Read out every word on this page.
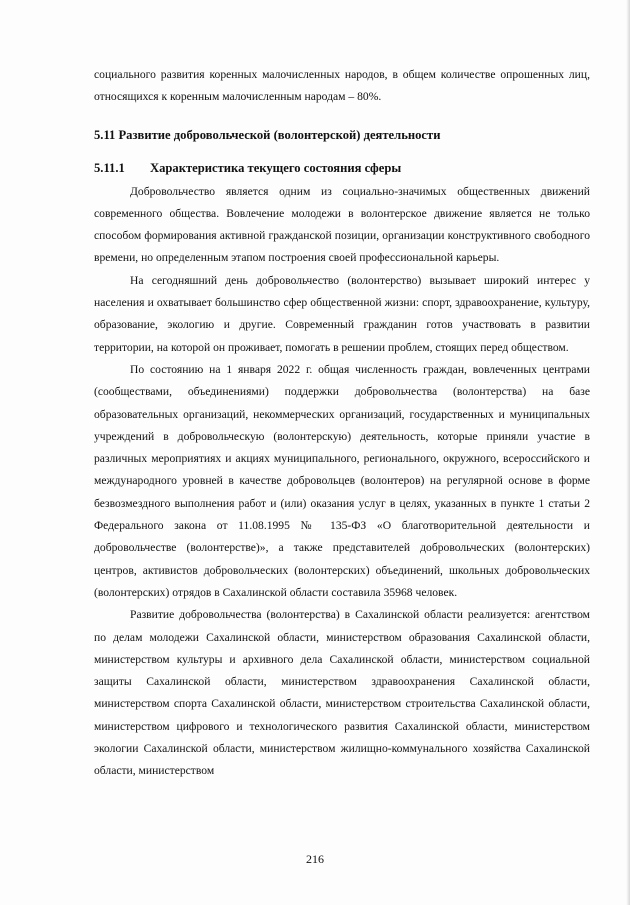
социального развития коренных малочисленных народов, в общем количестве опрошенных лиц, относящихся к коренным малочисленным народам – 80%.

5.11 Развитие добровольческой (волонтерской) деятельности
5.11.1	Характеристика текущего состояния сферы

Добровольчество является одним из социально-значимых общественных движений современного общества. Вовлечение молодежи в волонтерское движение является не только способом формирования активной гражданской позиции, организации конструктивного свободного времени, но определенным этапом построения своей профессиональной карьеры.

На сегодняшний день добровольчество (волонтерство) вызывает широкий интерес у населения и охватывает большинство сфер общественной жизни: спорт, здравоохранение, культуру, образование, экологию и другие. Современный гражданин готов участвовать в развитии территории, на которой он проживает, помогать в решении проблем, стоящих перед обществом.

По состоянию на 1 января 2022 г. общая численность граждан, вовлеченных центрами (сообществами, объединениями) поддержки добровольчества (волонтерства) на базе образовательных организаций, некоммерческих организаций, государственных и муниципальных учреждений в добровольческую (волонтерскую) деятельность, которые приняли участие в различных мероприятиях и акциях муниципального, регионального, окружного, всероссийского и международного уровней в качестве добровольцев (волонтеров) на регулярной основе в форме безвозмездного выполнения работ и (или) оказания услуг в целях, указанных в пункте 1 статьи 2 Федерального закона от 11.08.1995 № 135-ФЗ «О благотворительной деятельности и добровольчестве (волонтерстве)», а также представителей добровольческих (волонтерских) центров, активистов добровольческих (волонтерских) объединений, школьных добровольческих (волонтерских) отрядов в Сахалинской области составила 35968 человек.

Развитие добровольчества (волонтерства) в Сахалинской области реализуется: агентством по делам молодежи Сахалинской области, министерством образования Сахалинской области, министерством культуры и архивного дела Сахалинской области, министерством социальной защиты Сахалинской области, министерством здравоохранения Сахалинской области, министерством спорта Сахалинской области, министерством строительства Сахалинской области, министерством цифрового и технологического развития Сахалинской области, министерством экологии Сахалинской области, министерством жилищно-коммунального хозяйства Сахалинской области, министерством

216
